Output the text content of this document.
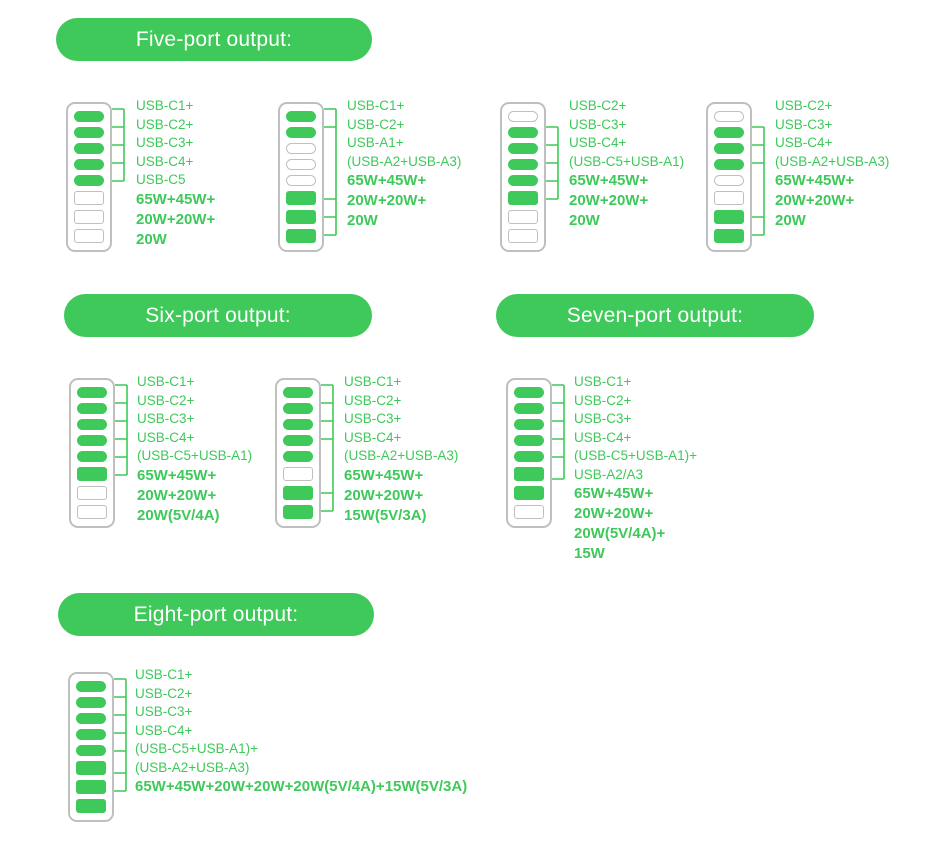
Five-port output:
USB-C1+
USB-C2+
USB-C3+
USB-C4+
USB-C5
65W+45W+
20W+20W+
20W
USB-C1+
USB-C2+
USB-A1+
(USB-A2+USB-A3)
65W+45W+
20W+20W+
20W
USB-C2+
USB-C3+
USB-C4+
(USB-C5+USB-A1)
65W+45W+
20W+20W+
20W
USB-C2+
USB-C3+
USB-C4+
(USB-A2+USB-A3)
65W+45W+
20W+20W+
20W
Six-port output:
USB-C1+
USB-C2+
USB-C3+
USB-C4+
(USB-C5+USB-A1)
65W+45W+
20W+20W+
20W(5V/4A)
USB-C1+
USB-C2+
USB-C3+
USB-C4+
(USB-A2+USB-A3)
65W+45W+
20W+20W+
15W(5V/3A)
Seven-port output:
USB-C1+
USB-C2+
USB-C3+
USB-C4+
(USB-C5+USB-A1)+
USB-A2/A3
65W+45W+
20W+20W+
20W(5V/4A)+
15W
Eight-port output:
USB-C1+
USB-C2+
USB-C3+
USB-C4+
(USB-C5+USB-A1)+
(USB-A2+USB-A3)
65W+45W+20W+20W+20W(5V/4A)+15W(5V/3A)
